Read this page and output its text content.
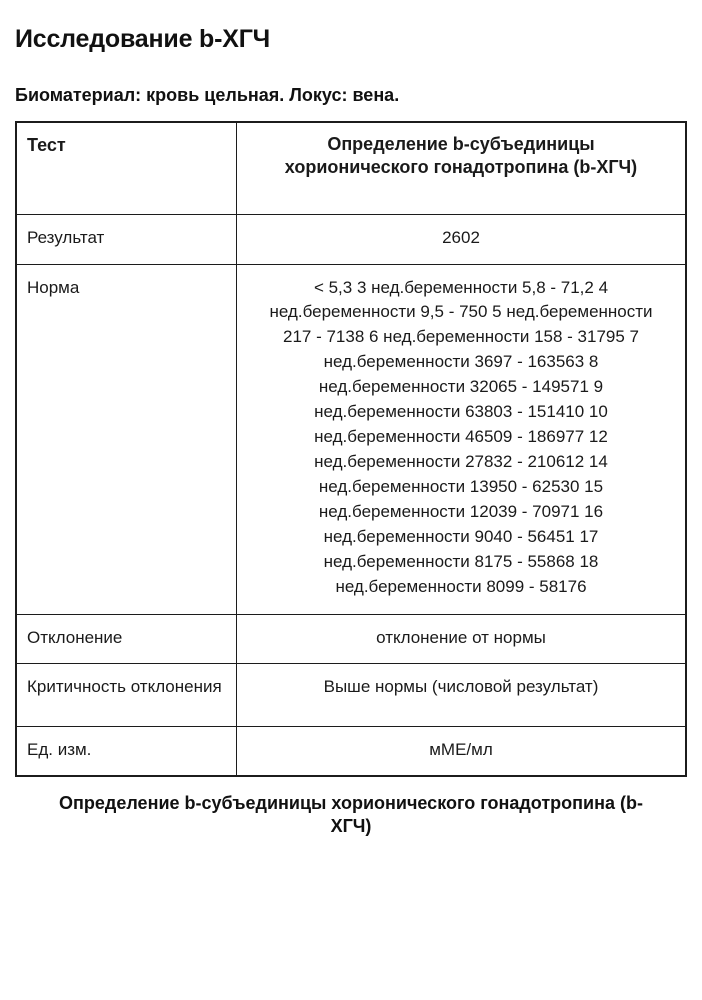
Исследование b-ХГЧ
Биоматериал: кровь цельная. Локус: вена.
Тест	Определение b-субъединицы хорионического гонадотропина (b-ХГЧ)
Результат	2602
Норма	< 5,3 3 нед.беременности 5,8 - 71,2 4 нед.беременности 9,5 - 750 5 нед.беременности 217 - 7138 6 нед.беременности 158 - 31795 7 нед.беременности 3697 - 163563 8 нед.беременности 32065 - 149571 9 нед.беременности 63803 - 151410 10 нед.беременности 46509 - 186977 12 нед.беременности 27832 - 210612 14 нед.беременности 13950 - 62530 15 нед.беременности 12039 - 70971 16 нед.беременности 9040 - 56451 17 нед.беременности 8175 - 55868 18 нед.беременности 8099 - 58176
Отклонение	отклонение от нормы
Критичность отклонения	Выше нормы (числовой результат)
Ед. изм.	мМЕ/мл
Определение b-субъединицы хорионического гонадотропина (b-ХГЧ)
